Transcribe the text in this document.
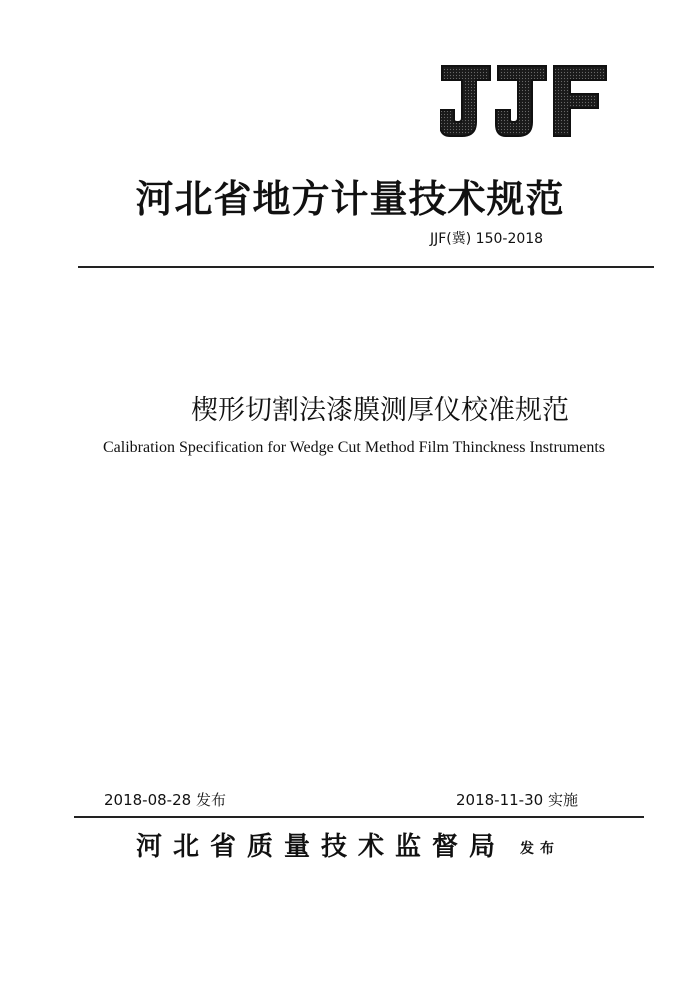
河北省地方计量技术规范
JJF(冀) 150-2018
楔形切割法漆膜测厚仪校准规范
Calibration Specification for Wedge Cut Method Film Thinckness Instruments
2018-08-28 发布	2018-11-30 实施
河北省质量技术监督局 发布
